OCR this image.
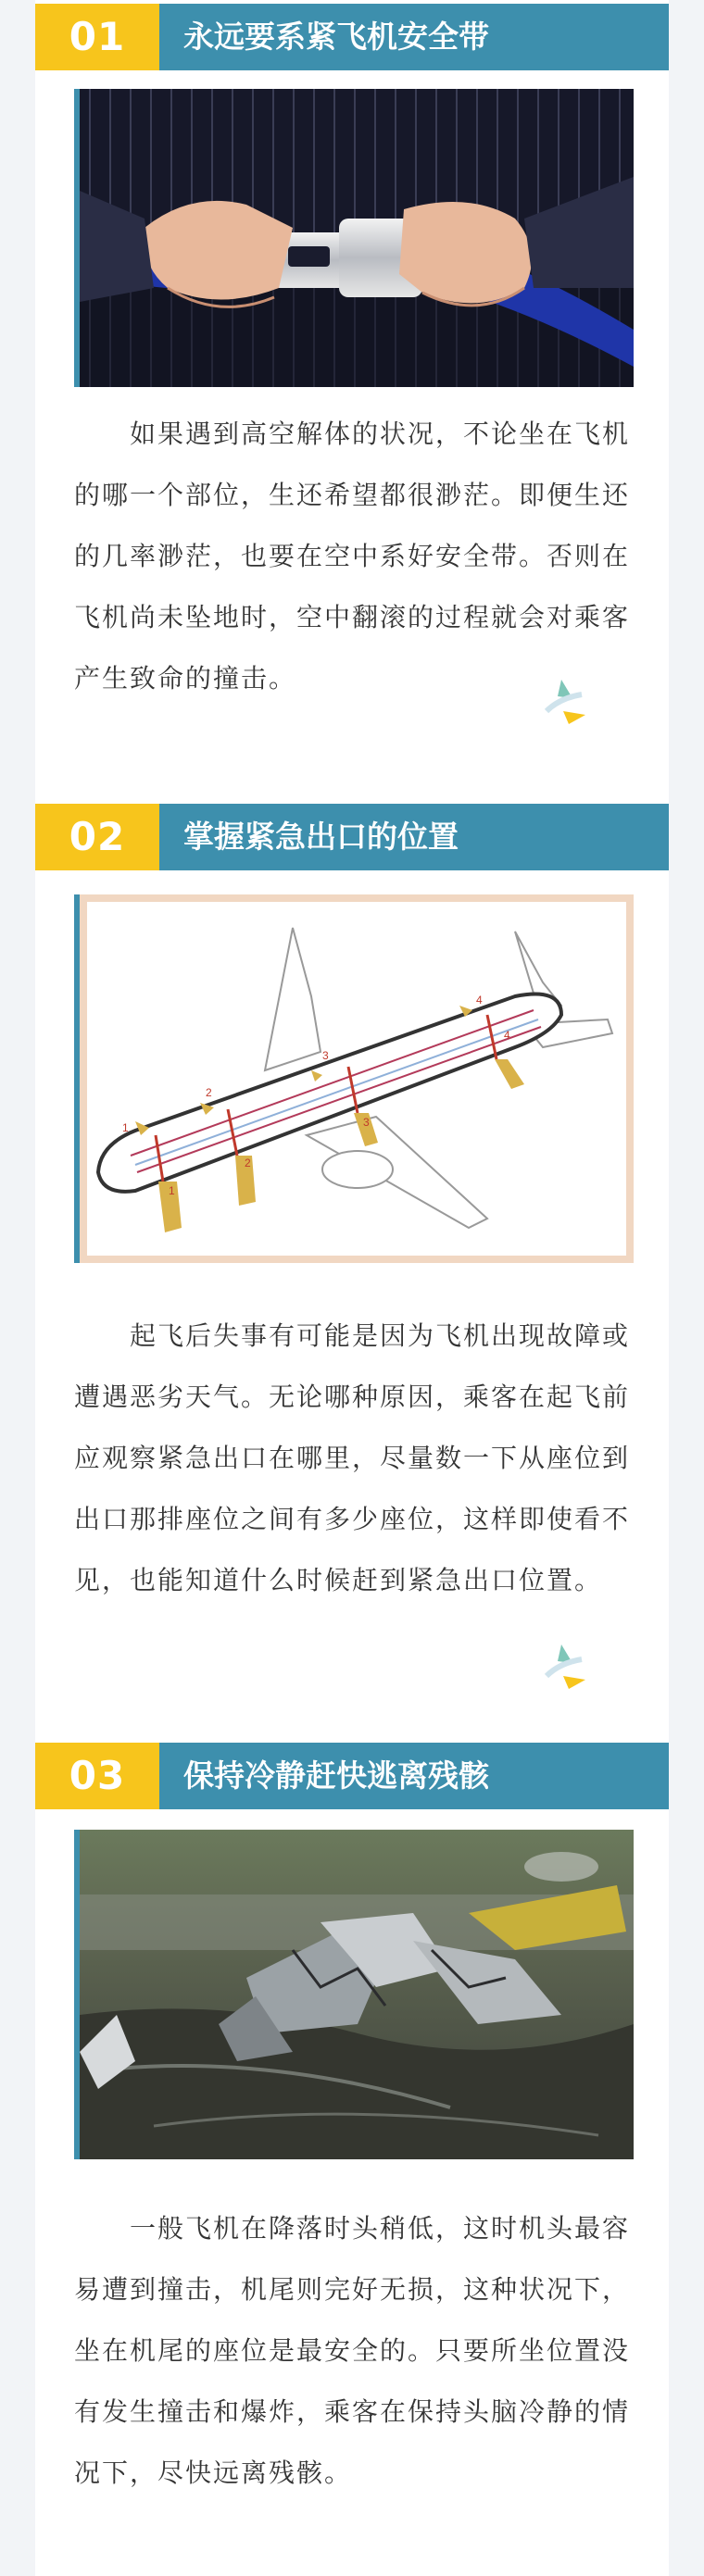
01	永远要系紧飞机安全带

如果遇到高空解体的状况，不论坐在飞机的哪一个部位，生还希望都很渺茫。即便生还的几率渺茫，也要在空中系好安全带。否则在飞机尚未坠地时，空中翻滚的过程就会对乘客产生致命的撞击。

02	掌握紧急出口的位置
1
1
2
2
3
3
4
4

起飞后失事有可能是因为飞机出现故障或遭遇恶劣天气。无论哪种原因，乘客在起飞前应观察紧急出口在哪里，尽量数一下从座位到出口那排座位之间有多少座位，这样即使看不见，也能知道什么时候赶到紧急出口位置。

03	保持冷静赶快逃离残骸

一般飞机在降落时头稍低，这时机头最容易遭到撞击，机尾则完好无损，这种状况下，坐在机尾的座位是最安全的。只要所坐位置没有发生撞击和爆炸，乘客在保持头脑冷静的情况下，尽快远离残骸。
